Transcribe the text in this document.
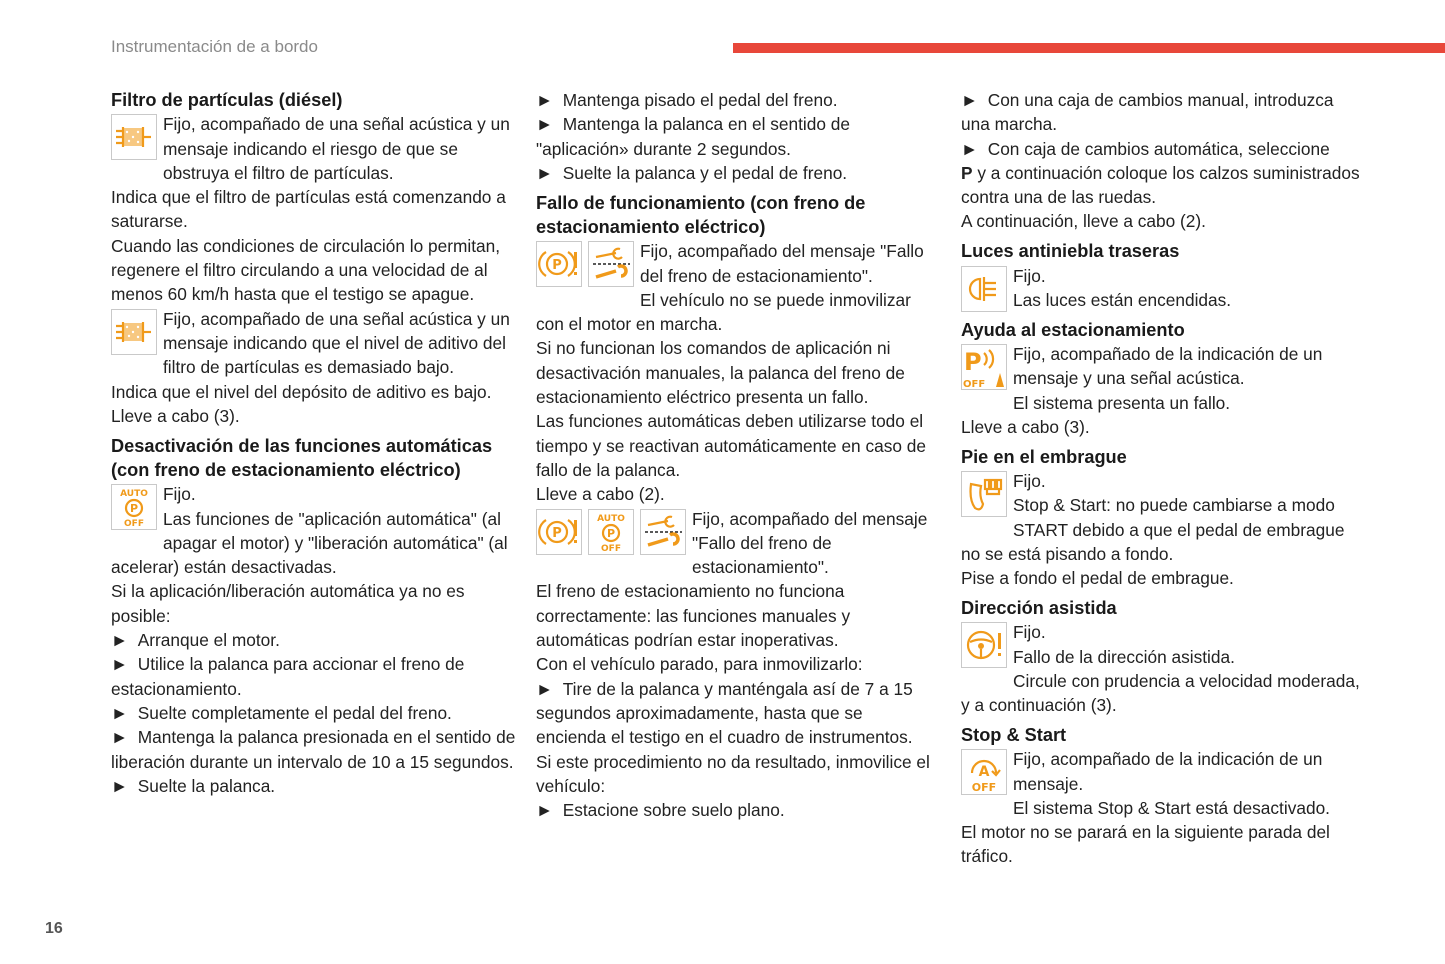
Instrumentación de a bordo
Filtro de partículas (diésel)

Fijo, acompañado de una señal acústica y un mensaje indicando el riesgo de que se obstruya el filtro de partículas.

Indica que el filtro de partículas está comenzando a saturarse.

Cuando las condiciones de circulación lo permitan, regenere el filtro circulando a una velocidad de al menos 60 km/h hasta que el testigo se apague.

Fijo, acompañado de una señal acústica y un mensaje indicando que el nivel de aditivo del filtro de partículas es demasiado bajo.

Indica que el nivel del depósito de aditivo es bajo.

Lleve a cabo (3).

Desactivación de las funciones automáticas (con freno de estacionamiento eléctrico)
AUTO
P
OFF

Fijo.

Las funciones de "aplicación automática" (al apagar el motor) y "liberación automática" (al acelerar) están desactivadas.

Si la aplicación/liberación automática ya no es posible:

►  Arranque el motor.

►  Utilice la palanca para accionar el freno de estacionamiento.

►  Suelte completamente el pedal del freno.

►  Mantenga la palanca presionada en el sentido de liberación durante un intervalo de 10 a 15 segundos.

►  Suelte la palanca.

►  Mantenga pisado el pedal del freno.

►  Mantenga la palanca en el sentido de "aplicación» durante 2 segundos.

►  Suelte la palanca y el pedal de freno.

Fallo de funcionamiento (con freno de estacionamiento eléctrico)
P

Fijo, acompañado del mensaje "Fallo del freno de estacionamiento".

El vehículo no se puede inmovilizar con el motor en marcha.

Si no funcionan los comandos de aplicación ni desactivación manuales, la palanca del freno de estacionamiento eléctrico presenta un fallo.

Las funciones automáticas deben utilizarse todo el tiempo y se reactivan automáticamente en caso de fallo de la palanca.

Lleve a cabo (2).

P
AUTO
P
OFF

Fijo, acompañado del mensaje "Fallo del freno de estacionamiento".

El freno de estacionamiento no funciona correctamente: las funciones manuales y automáticas podrían estar inoperativas.

Con el vehículo parado, para inmovilizarlo:

►  Tire de la palanca y manténgala así de 7 a 15 segundos aproximadamente, hasta que se encienda el testigo en el cuadro de instrumentos.

Si este procedimiento no da resultado, inmovilice el vehículo:

►  Estacione sobre suelo plano.

►  Con una caja de cambios manual, introduzca una marcha.

►  Con caja de cambios automática, seleccione
P y a continuación coloque los calzos suministrados contra una de las ruedas.

A continuación, lleve a cabo (2).

Luces antiniebla traseras

Fijo.

Las luces están encendidas.

Ayuda al estacionamiento
P
OFF

Fijo, acompañado de la indicación de un mensaje y una señal acústica.

El sistema presenta un fallo.

Lleve a cabo (3).

Pie en el embrague

Fijo.

Stop & Start: no puede cambiarse a modo START debido a que el pedal de embrague no se está pisando a fondo.

Pise a fondo el pedal de embrague.

Dirección asistida

Fijo.

Fallo de la dirección asistida.

Circule con prudencia a velocidad moderada, y a continuación (3).

Stop & Start
A
OFF

Fijo, acompañado de la indicación de un mensaje.

El sistema Stop & Start está desactivado.

El motor no se parará en la siguiente parada del tráfico.

16
